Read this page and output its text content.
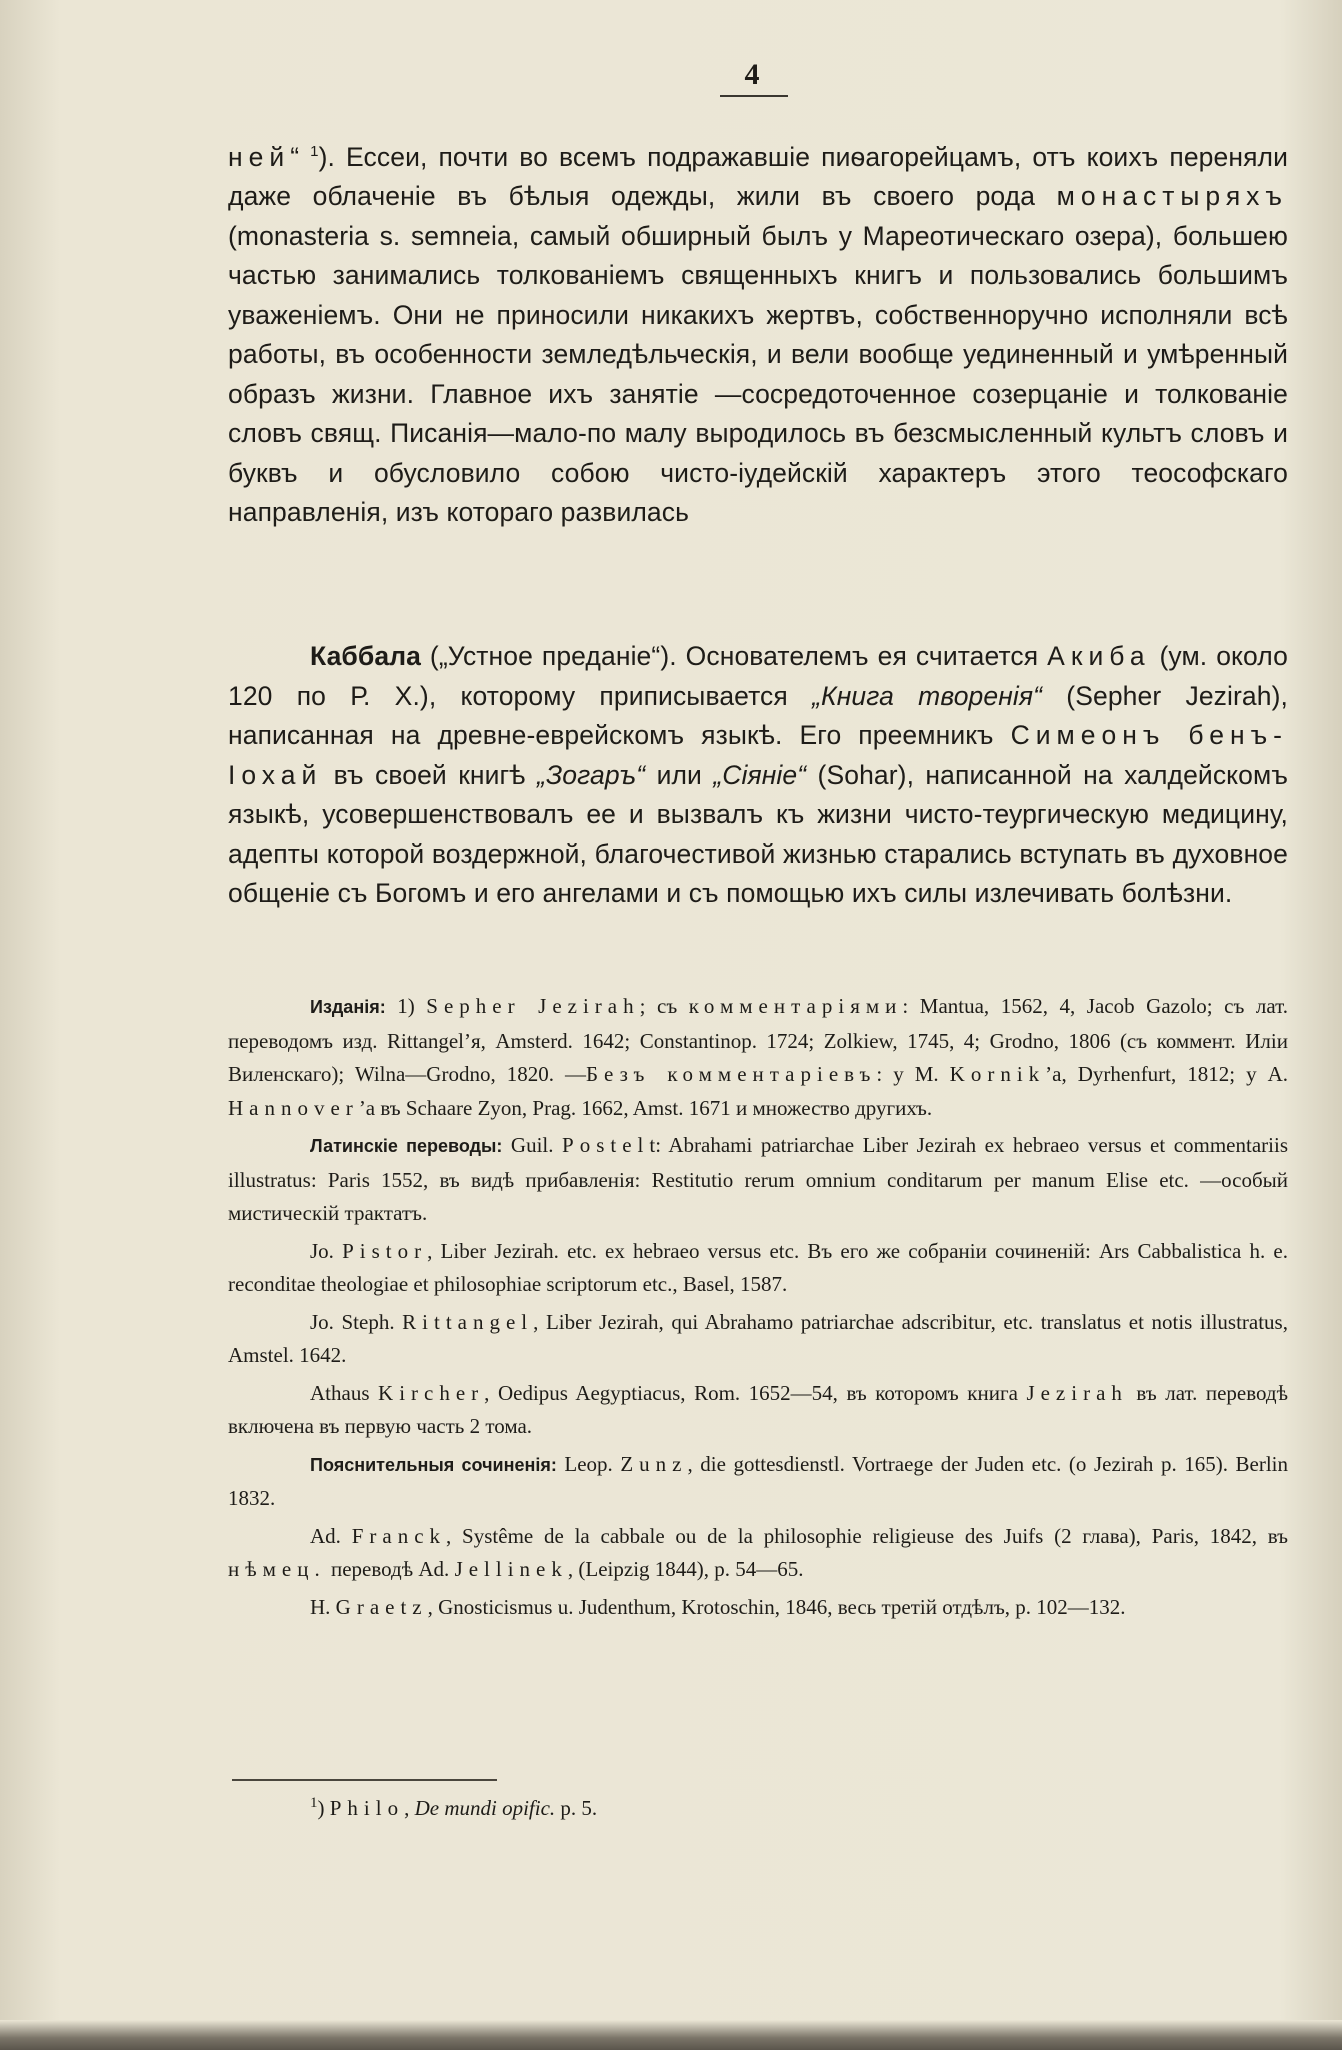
4

ней“ $^1$). Ессеи, почти во всемъ подражавшіе пиѳагорейцамъ, отъ коихъ переняли даже облаченіе въ бѣлыя одежды, жили въ своего рода монастыряхъ (monasteria s. semneia, самый обширный былъ у Мареотическаго озера), большею частью занимались толкованіемъ священныхъ книгъ и пользовались большимъ уваженіемъ. Они не приносили никакихъ жертвъ, собственноручно исполняли всѣ работы, въ особенности земледѣльческія, и вели вообще уединенный и умѣренный образъ жизни. Главное ихъ занятіе —сосредоточенное созерцаніе и толкованіе словъ свящ. Писанія—мало-по малу выродилось въ безсмысленный культъ словъ и буквъ и обусловило собою чисто-іудейскій характеръ этого теософскаго направленія, изъ котораго развилась

Каббала („Устное преданіе“). Основателемъ ея считается Акиба (ум. около 120 по Р. X.), которому приписывается „Книга творенія“ (Sepher Jezirah), написанная на древне-еврейскомъ языкѣ. Его преемникъ Симеонъ бенъ-Іохай въ своей книгѣ „Зогаръ“ или „Сіяніе“ (Sohar), написанной на халдейскомъ языкѣ, усовершенствовалъ ее и вызвалъ къ жизни чисто-теургическую медицину, адепты которой воздержной, благочестивой жизнью старались вступать въ духовное общеніе съ Богомъ и его ангелами и съ помощью ихъ силы излечивать болѣзни.

Изданія: 1) Sepher Jezirah; съ комментаріями: Mantua, 1562, 4, Jacob Gazolo; съ лат. переводомъ изд. Rittangel’я, Amsterd. 1642; Constantinop. 1724; Zolkiew, 1745, 4; Grodno, 1806 (съ коммент. Иліи Виленскаго); Wilna—Grodno, 1820. —Безъ комментаріевъ: у М. Kornik’а, Dyrhenfurt, 1812; у А. Hannover’а въ Schaare Zyon, Prag. 1662, Amst. 1671 и множество другихъ.

Латинскіе переводы: Guil. Postelt: Abrahami patriarchae Liber Jezirah ex hebraeo versus et commentariis illustratus: Paris 1552, въ видѣ прибавленія: Restitutio rerum omnium conditarum per manum Elise etc. —особый мистическій трактатъ.

Jo. Pistor, Liber Jezirah. etc. ex hebraeo versus etc. Въ его же собраніи сочиненій: Ars Cabbalistica h. e. reconditae theologiae et philosophiae scriptorum etc., Basel, 1587.

Jo. Steph. Rittangel, Liber Jezirah, qui Abrahamo patriarchae adscribitur, etc. translatus et notis illustratus, Amstel. 1642.

Athaus Kircher, Oedipus Aegyptiacus, Rom. 1652—54, въ которомъ книга Jezirah въ лат. переводѣ включена въ первую часть 2 тома.

Пояснительныя сочиненія: Leop. Zunz, die gottesdienstl. Vortraege der Juden etc. (o Jezirah p. 165). Berlin 1832.

Ad. Franck, Systême de la cabbale ou de la philosophie religieuse des Juifs (2 глава), Paris, 1842, въ нѣмец. переводѣ Ad. Jellinek, (Leipzig 1844), p. 54—65.

H. Graetz, Gnosticismus u. Judenthum, Krotoschin, 1846, весь третій отдѣлъ, р. 102—132.

$^1$) Philo, De mundi opific. p. 5.
